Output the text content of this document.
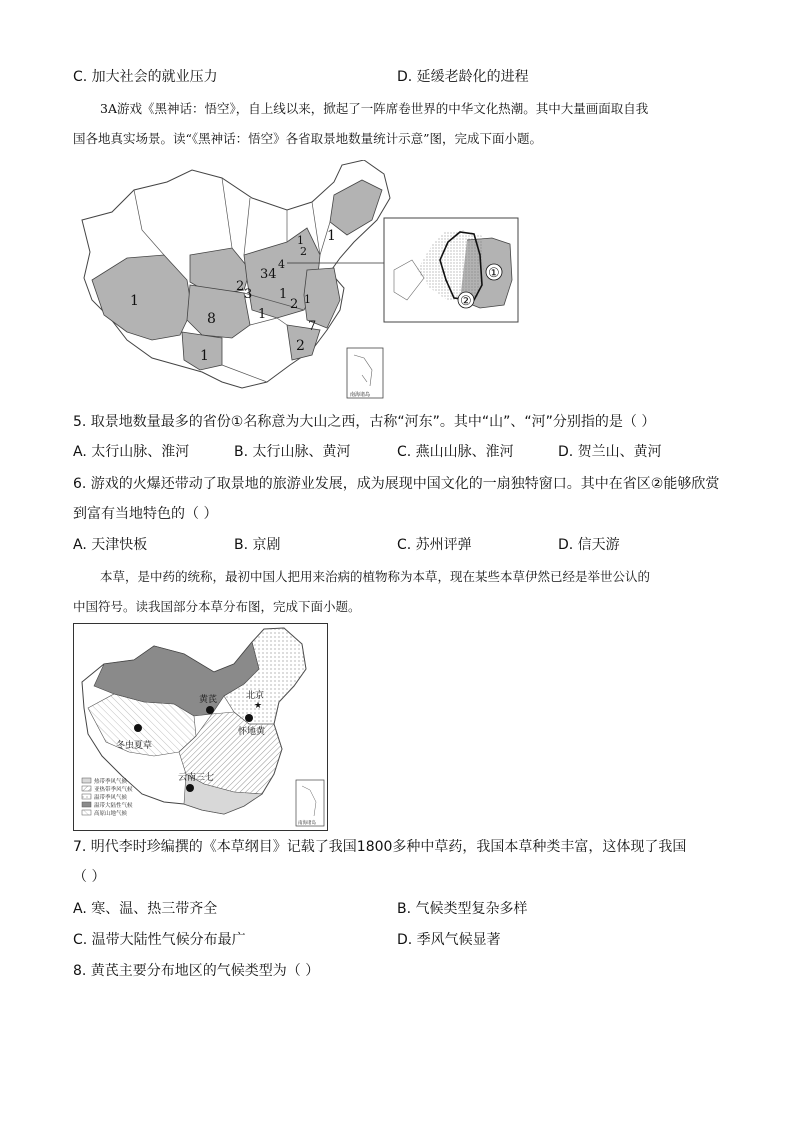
C. 加大社会的就业压力	D. 延缓老龄化的进程
3A游戏《黑神话：悟空》，自上线以来，掀起了一阵席卷世界的中华文化热潮。其中大量画面取自我
国各地真实场景。读“《黑神话：悟空》各省取景地数量统计示意”图，完成下面小题。
1
1
2
34
4
2
3 1
8
1	2 1
7
1
1
2
南海诸岛
①
②
5. 取景地数量最多的省份①名称意为大山之西，古称“河东”。其中“山”、“河”分别指的是（ ）
A. 太行山脉、淮河	B. 太行山脉、黄河	C. 燕山山脉、淮河	D. 贺兰山、黄河
6. 游戏的火爆还带动了取景地的旅游业发展，成为展现中国文化的一扇独特窗口。其中在省区②能够欣赏
到富有当地特色的（ ）
A. 天津快板	B. 京剧	C. 苏州评弹	D. 信天游
本草，是中药的统称，最初中国人把用来治病的植物称为本草，现在某些本草伊然已经是举世公认的
中国符号。读我国部分本草分布图，完成下面小题。
黄芪
★
北京
怀地黄
冬虫夏草
云南三七
热带季风气候
亚热带季风气候
温带季风气候
温带大陆性气候
高原山地气候
南海诸岛
7. 明代李时珍编撰的《本草纲目》记载了我国1800多种中草药，我国本草种类丰富，这体现了我国
（ ）
A. 寒、温、热三带齐全	B. 气候类型复杂多样
C. 温带大陆性气候分布最广	D. 季风气候显著
8. 黄芪主要分布地区的气候类型为（ ）
